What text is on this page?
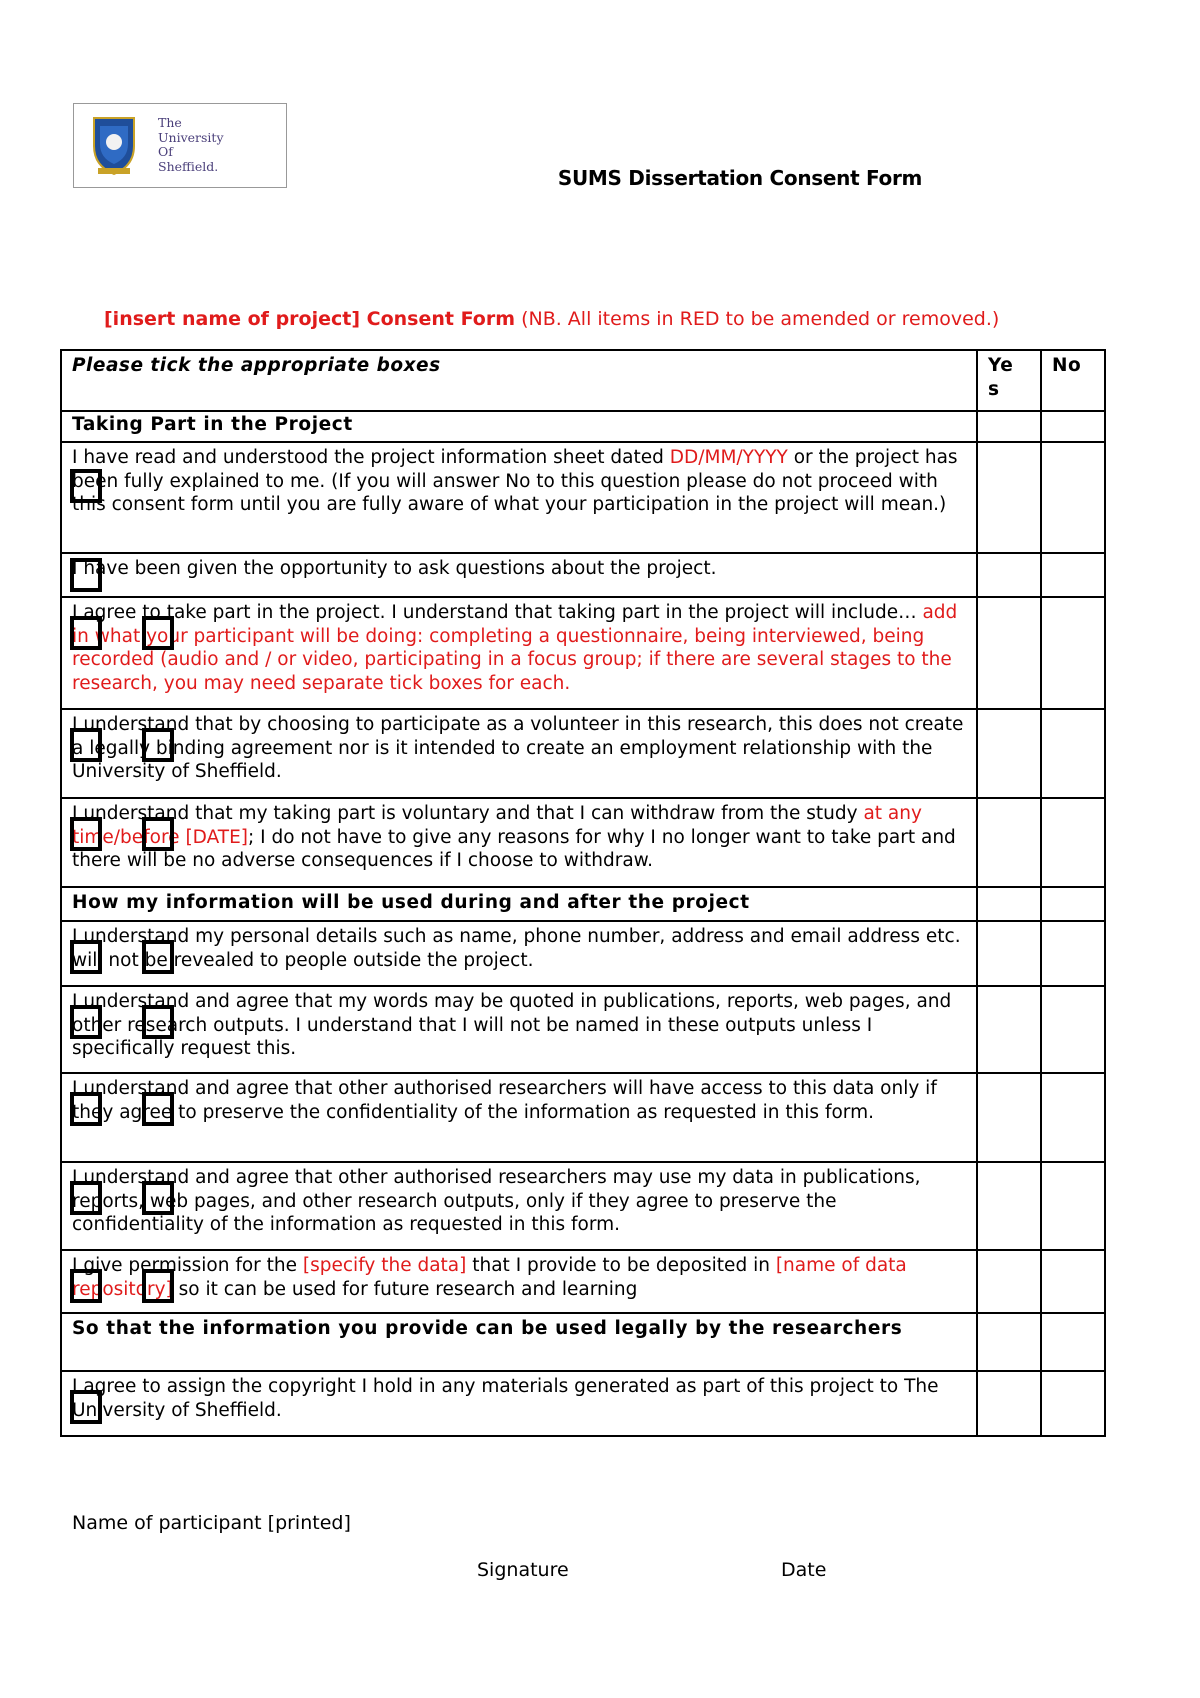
The
University
Of
Sheffield.	SUMS Dissertation Consent Form
[insert name of project] Consent Form (NB. All items in RED to be amended or removed.)
Please tick the appropriate boxes	Ye s	No
Taking Part in the Project		
I have read and understood the project information sheet dated DD/MM/YYYY or the project has been fully explained to me. (If you will answer No to this question please do not proceed with this consent form until you are fully aware of what your participation in the project will mean.)

I have been given the opportunity to ask questions about the project.

I agree to take part in the project. I understand that taking part in the project will include… add in what your participant will be doing: completing a questionnaire, being interviewed, being recorded (audio and / or video, participating in a focus group; if there are several stages to the research, you may need separate tick boxes for each.

I understand that by choosing to participate as a volunteer in this research, this does not create a legally binding agreement nor is it intended to create an employment relationship with the University of Sheffield.

I understand that my taking part is voluntary and that I can withdraw from the study at any time/before [DATE]; I do not have to give any reasons for why I no longer want to take part and there will be no adverse consequences if I choose to withdraw.

How my information will be used during and after the project		
I understand my personal details such as name, phone number, address and email address etc. will not be revealed to people outside the project.

I understand and agree that my words may be quoted in publications, reports, web pages, and other research outputs. I understand that I will not be named in these outputs unless I specifically request this.

I understand and agree that other authorised researchers will have access to this data only if they agree to preserve the confidentiality of the information as requested in this form.

I understand and agree that other authorised researchers may use my data in publications, reports, web pages, and other research outputs, only if they agree to preserve the confidentiality of the information as requested in this form.

I give permission for the [specify the data] that I provide to be deposited in [name of data repository] so it can be used for future research and learning

So that the information you provide can be used legally by the researchers		
I agree to assign the copyright I hold in any materials generated as part of this project to The University of Sheffield.

Name of participant [printed]
Signature	Date
